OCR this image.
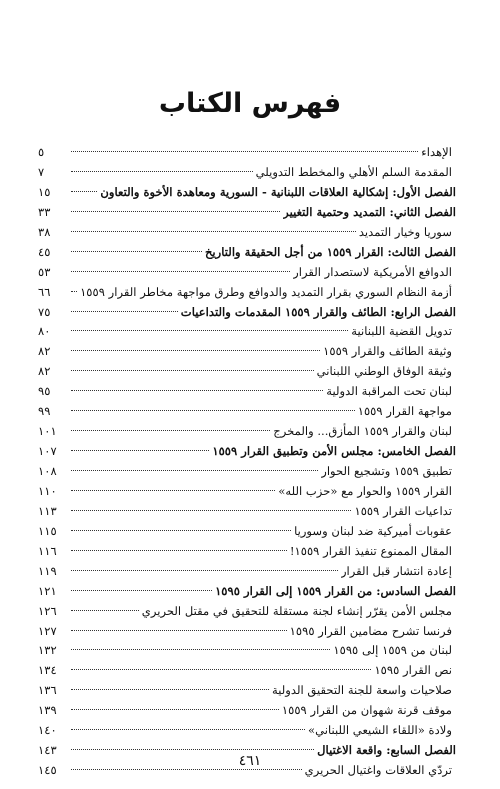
فهرس الكتاب
الإهداء
٥
المقدمة السلم الأهلي والمخطط التدويلي
٧
الفصل الأول: إشكالية العلاقات اللبنانية - السورية ومعاهدة الأخوة والتعاون
١٥
الفصل الثاني: التمديد وحتمية التغيير
٣٣
سوريا وخيار التمديد
٣٨
الفصل الثالث: القرار ١٥٥٩ من أجل الحقيقة والتاريخ
٤٥
الدوافع الأمريكية لاستصدار القرار
٥٣
أزمة النظام السوري بقرار التمديد والدوافع وطرق مواجهة مخاطر القرار ١٥٥٩
٦٦
الفصل الرابع: الطائف والقرار ١٥٥٩ المقدمات والتداعيات
٧٥
تدويل القضية اللبنانية
٨٠
وثيقة الطائف والقرار ١٥٥٩
٨٢
وثيقة الوفاق الوطني اللبناني
٨٢
لبنان تحت المراقبة الدولية
٩٥
مواجهة القرار ١٥٥٩
٩٩
لبنان والقرار ١٥٥٩ المأزق... والمخرج
١٠١
الفصل الخامس: مجلس الأمن وتطبيق القرار ١٥٥٩
١٠٧
تطبيق ١٥٥٩ وتشجيع الحوار
١٠٨
القرار ١٥٥٩ والحوار مع «حزب الله»
١١٠
تداعيات القرار ١٥٥٩
١١٣
عقوبات أميركية ضد لبنان وسوريا
١١٥
المقال الممنوع تنفيذ القرار ١٥٥٩!
١١٦
إعادة انتشار قبل القرار
١١٩
الفصل السادس: من القرار ١٥٥٩ إلى القرار ١٥٩٥
١٢١
مجلس الأمن يقرّر إنشاء لجنة مستقلة للتحقيق في مقتل الحريري
١٢٦
فرنسا تشرح مضامين القرار ١٥٩٥
١٢٧
لبنان من ١٥٥٩ إلى ١٥٩٥
١٣٢
نص القرار ١٥٩٥
١٣٤
صلاحيات واسعة للجنة التحقيق الدولية
١٣٦
موقف قرنة شهوان من القرار ١٥٥٩
١٣٩
ولادة «اللقاء الشيعي اللبناني»
١٤٠
الفصل السابع: واقعة الاغتيال
١٤٣
تردّي العلاقات واغتيال الحريري
١٤٥
٤٦١
